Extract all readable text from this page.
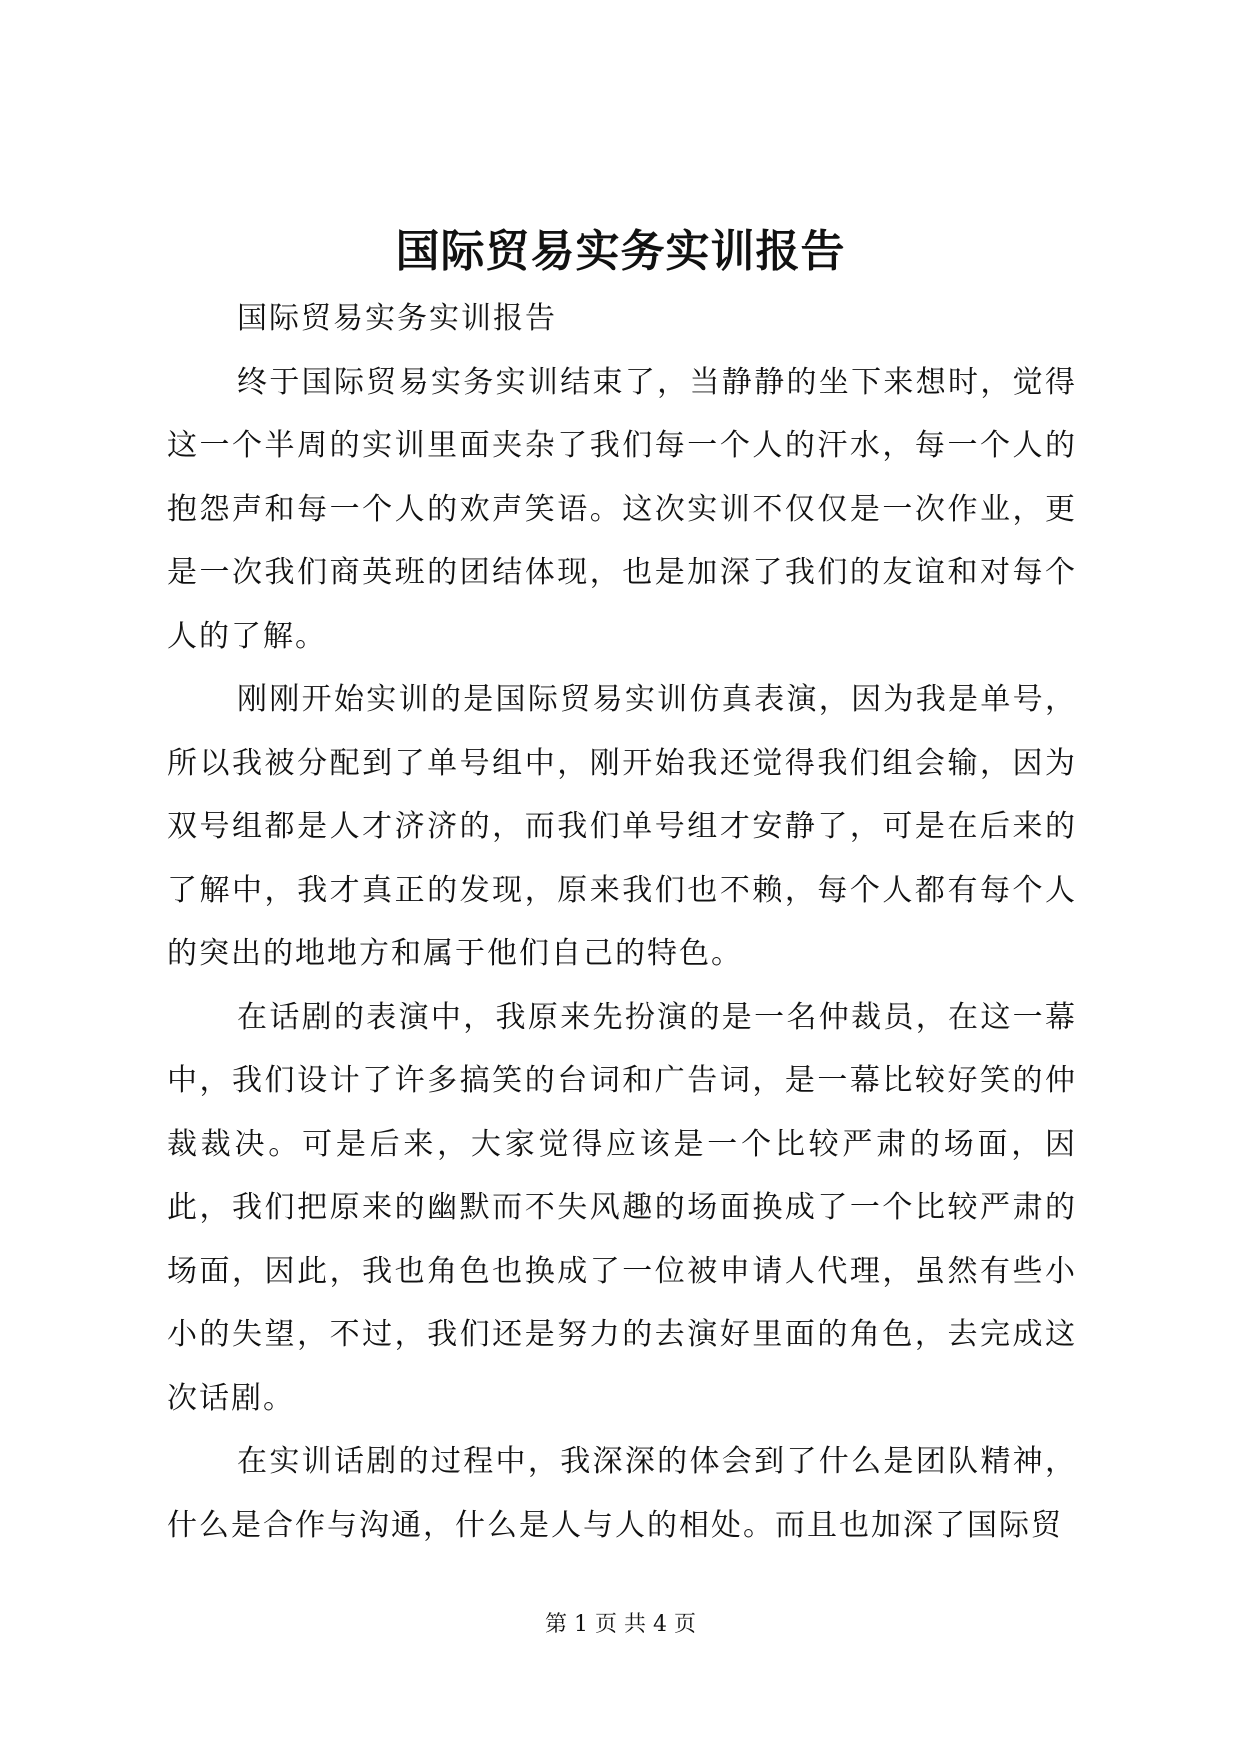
国际贸易实务实训报告

国际贸易实务实训报告

终于国际贸易实务实训结束了，当静静的坐下来想时，觉得这一个半周的实训里面夹杂了我们每一个人的汗水，每一个人的抱怨声和每一个人的欢声笑语。这次实训不仅仅是一次作业，更是一次我们商英班的团结体现，也是加深了我们的友谊和对每个人的了解。

刚刚开始实训的是国际贸易实训仿真表演，因为我是单号，所以我被分配到了单号组中，刚开始我还觉得我们组会输，因为双号组都是人才济济的，而我们单号组才安静了，可是在后来的了解中，我才真正的发现，原来我们也不赖，每个人都有每个人的突出的地地方和属于他们自己的特色。

在话剧的表演中，我原来先扮演的是一名仲裁员，在这一幕中，我们设计了许多搞笑的台词和广告词，是一幕比较好笑的仲裁裁决。可是后来，大家觉得应该是一个比较严肃的场面，因此，我们把原来的幽默而不失风趣的场面换成了一个比较严肃的场面，因此，我也角色也换成了一位被申请人代理，虽然有些小小的失望，不过，我们还是努力的去演好里面的角色，去完成这次话剧。

在实训话剧的过程中，我深深的体会到了什么是团队精神，什么是合作与沟通，什么是人与人的相处。而且也加深了国际贸

第 1 页 共 4 页
